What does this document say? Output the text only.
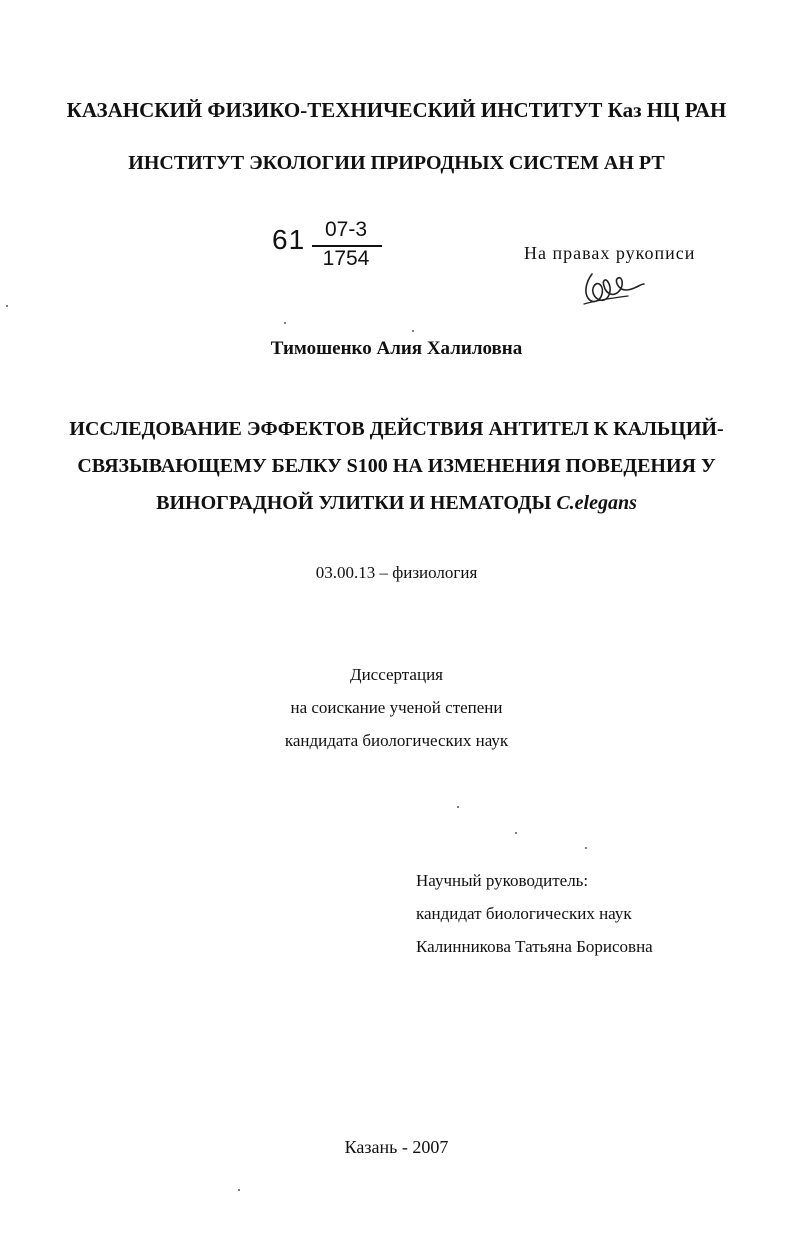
КАЗАНСКИЙ ФИЗИКО-ТЕХНИЧЕСКИЙ ИНСТИТУТ Каз НЦ РАН
ИНСТИТУТ ЭКОЛОГИИ ПРИРОДНЫХ СИСТЕМ АН РТ
61 07-3
1754	На правах рукописи
Тимошенко Алия Халиловна
ИССЛЕДОВАНИЕ ЭФФЕКТОВ ДЕЙСТВИЯ АНТИТЕЛ К КАЛЬЦИЙ-
СВЯЗЫВАЮЩЕМУ БЕЛКУ S100 НА ИЗМЕНЕНИЯ ПОВЕДЕНИЯ У
ВИНОГРАДНОЙ УЛИТКИ И НЕМАТОДЫ C.elegans
03.00.13 – физиология
Диссертация
на соискание ученой степени
кандидата биологических наук
Научный руководитель:
кандидат биологических наук
Калинникова Татьяна Борисовна
Казань - 2007
